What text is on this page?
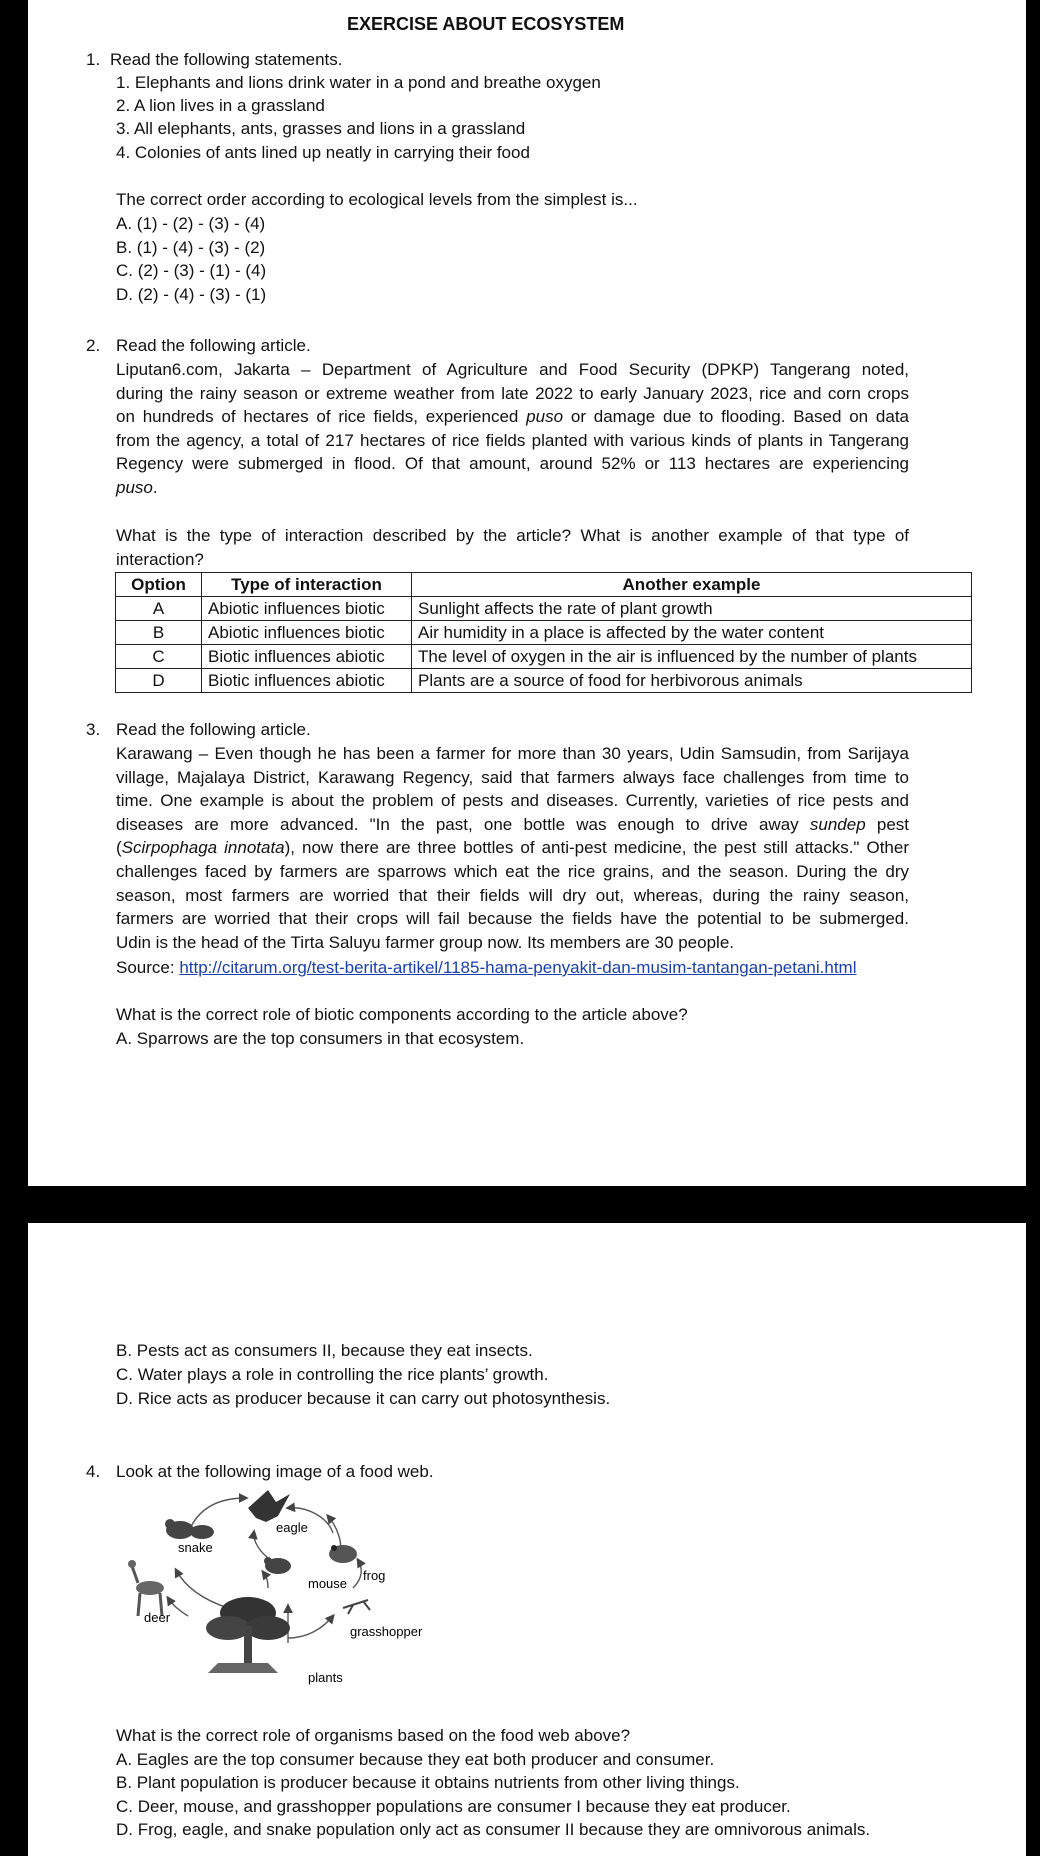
EXERCISE ABOUT ECOSYSTEM

1. Read the following statements.

1. Elephants and lions drink water in a pond and breathe oxygen

2. A lion lives in a grassland

3. All elephants, ants, grasses and lions in a grassland

4. Colonies of ants lined up neatly in carrying their food

The correct order according to ecological levels from the simplest is...

A. (1) - (2) - (3) - (4)

B. (1) - (4) - (3) - (2)

C. (2) - (3) - (1) - (4)

D. (2) - (4) - (3) - (1)

2. Read the following article.

Liputan6.com, Jakarta – Department of Agriculture and Food Security (DPKP) Tangerang noted,
during the rainy season or extreme weather from late 2022 to early January 2023, rice and corn crops
on hundreds of hectares of rice fields, experienced puso or damage due to flooding. Based on data
from the agency, a total of 217 hectares of rice fields planted with various kinds of plants in Tangerang
Regency were submerged in flood. Of that amount, around 52% or 113 hectares are experiencing
puso.
What is the type of interaction described by the article? What is another example of that type of
interaction?
Option	Type of interaction	Another example
A	Abiotic influences biotic	Sunlight affects the rate of plant growth
B	Abiotic influences biotic	Air humidity in a place is affected by the water content
C	Biotic influences abiotic	The level of oxygen in the air is influenced by the number of plants
D	Biotic influences abiotic	Plants are a source of food for herbivorous animals

3. Read the following article.

Karawang – Even though he has been a farmer for more than 30 years, Udin Samsudin, from Sarijaya
village, Majalaya District, Karawang Regency, said that farmers always face challenges from time to
time. One example is about the problem of pests and diseases. Currently, varieties of rice pests and
diseases are more advanced. "In the past, one bottle was enough to drive away sundep pest
(Scirpophaga innotata), now there are three bottles of anti-pest medicine, the pest still attacks." Other
challenges faced by farmers are sparrows which eat the rice grains, and the season. During the dry
season, most farmers are worried that their fields will dry out, whereas, during the rainy season,
farmers are worried that their crops will fail because the fields have the potential to be submerged.
Udin is the head of the Tirta Saluyu farmer group now. Its members are 30 people.

Source: http://citarum.org/test-berita-artikel/1185-hama-penyakit-dan-musim-tantangan-petani.html

What is the correct role of biotic components according to the article above?

A. Sparrows are the top consumers in that ecosystem.

B. Pests act as consumers II, because they eat insects.

C. Water plays a role in controlling the rice plants’ growth.

D. Rice acts as producer because it can carry out photosynthesis.

4. Look at the following image of a food web.

eagle
snake
frog
mouse
deer
grasshopper
plants

What is the correct role of organisms based on the food web above?

A. Eagles are the top consumer because they eat both producer and consumer.

B. Plant population is producer because it obtains nutrients from other living things.

C. Deer, mouse, and grasshopper populations are consumer I because they eat producer.

D. Frog, eagle, and snake population only act as consumer II because they are omnivorous animals.
